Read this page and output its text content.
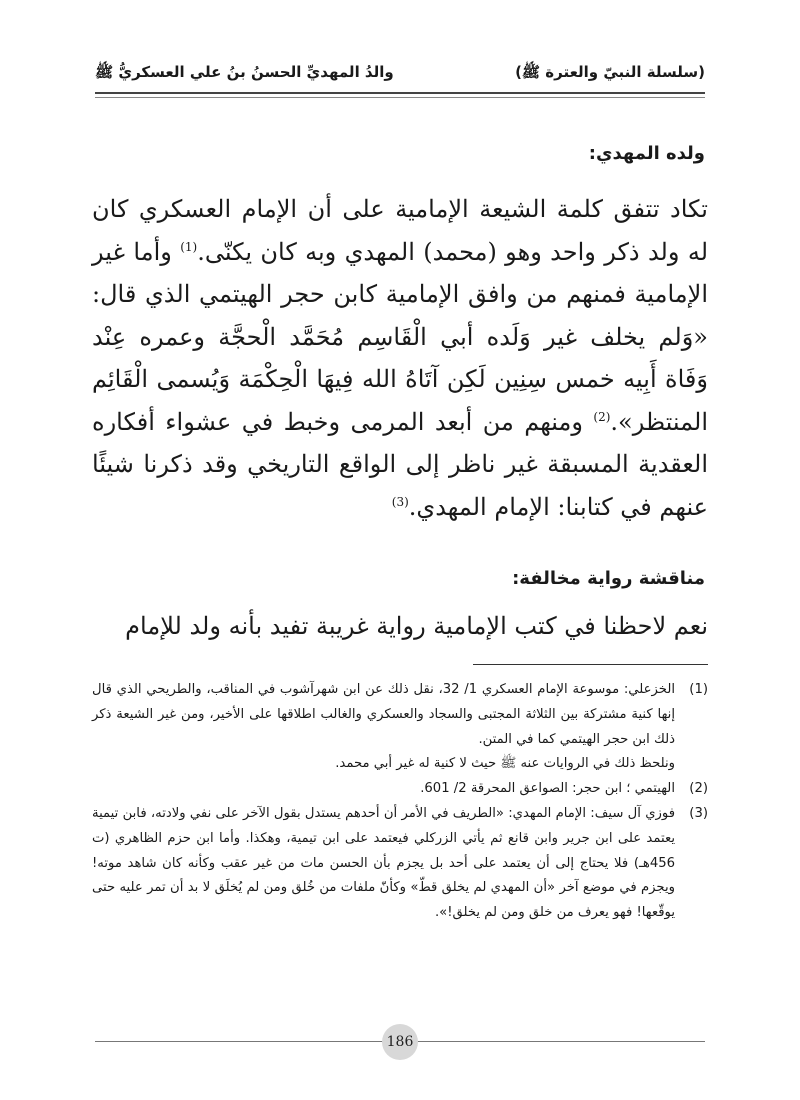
(سلسلة النبيّ والعترة ﷺ)
والدُ المهديِّ الحسنُ بنُ علي العسكريُّ ﷺ
ولده المهدي:
تكاد تتفق كلمة الشيعة الإمامية على أن الإمام العسكري كان له ولد ذكر واحد وهو (محمد) المهدي وبه كان يكنّى.$^{(1)}$ وأما غير الإمامية فمنهم من وافق الإمامية كابن حجر الهيتمي الذي قال: «وَلم يخلف غير وَلَده أبي الْقَاسِم مُحَمَّد الْحجَّة وعمره عِنْد وَفَاة أَبِيه خمس سِنِين لَكِن آتَاهُ الله فِيهَا الْحِكْمَة وَيُسمى الْقَائِم المنتظر».$^{(2)}$ ومنهم من أبعد المرمى وخبط في عشواء أفكاره العقدية المسبقة غير ناظر إلى الواقع التاريخي وقد ذكرنا شيئًا عنهم في كتابنا: الإمام المهدي.$^{(3)}$
مناقشة رواية مخالفة:
نعم لاحظنا في كتب الإمامية رواية غريبة تفيد بأنه ولد للإمام
(1)
الخزعلي: موسوعة الإمام العسكري 1/ 32، نقل ذلك عن ابن شهرآشوب في المناقب، والطريحي الذي قال إنها كنية مشتركة بين الثلاثة المجتبى والسجاد والعسكري والغالب اطلاقها على الأخير، ومن غير الشيعة ذكر ذلك ابن حجر الهيتمي كما في المتن.
ونلحظ ذلك في الروايات عنه ﷺ حيث لا كنية له غير أبي محمد.
(2)
الهيتمي ؛ ابن حجر: الصواعق المحرقة 2/ 601.
(3)
فوزي آل سيف: الإمام المهدي: «الطريف في الأمر أن أحدهم يستدل بقول الآخر على نفي ولادته، فابن تيمية يعتمد على ابن جرير وابن قانع ثم يأتي الزركلي فيعتمد على ابن تيمية، وهكذا. وأما ابن حزم الظاهري (ت 456هـ) فلا يحتاج إلى أن يعتمد على أحد بل يجزم بأن الحسن مات من غير عقب وكأنه كان شاهد موته! ويجزم في موضع آخر «أن المهدي لم يخلق قطّ» وكأنّ ملفات من خُلق ومن لم يُخلَق لا بد أن تمر عليه حتى يوقّعها! فهو يعرف من خلق ومن لم يخلق!».
186
